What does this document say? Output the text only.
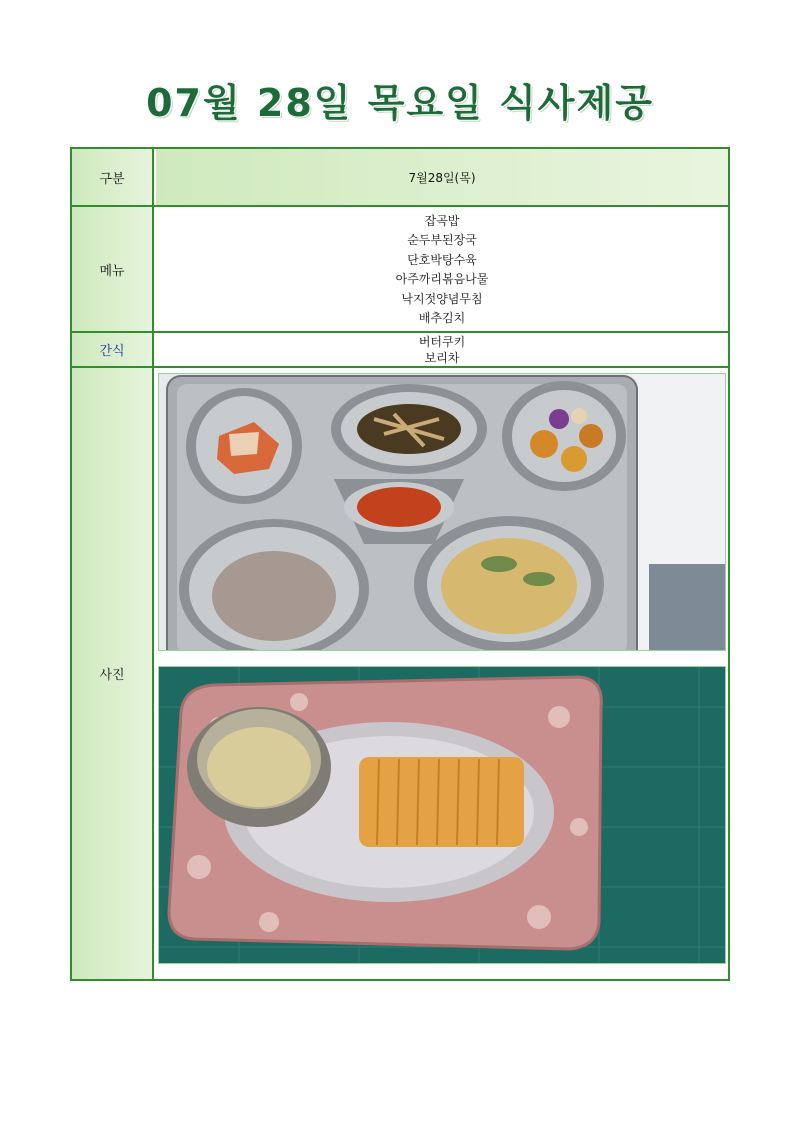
07월 28일 목요일 식사제공
구분	7월28일(목)
메뉴
잡곡밥
순두부된장국
단호박탕수육
아주까리볶음나물
낙지젓양념무침
배추김치
간식
버터쿠키
보리차
사진
